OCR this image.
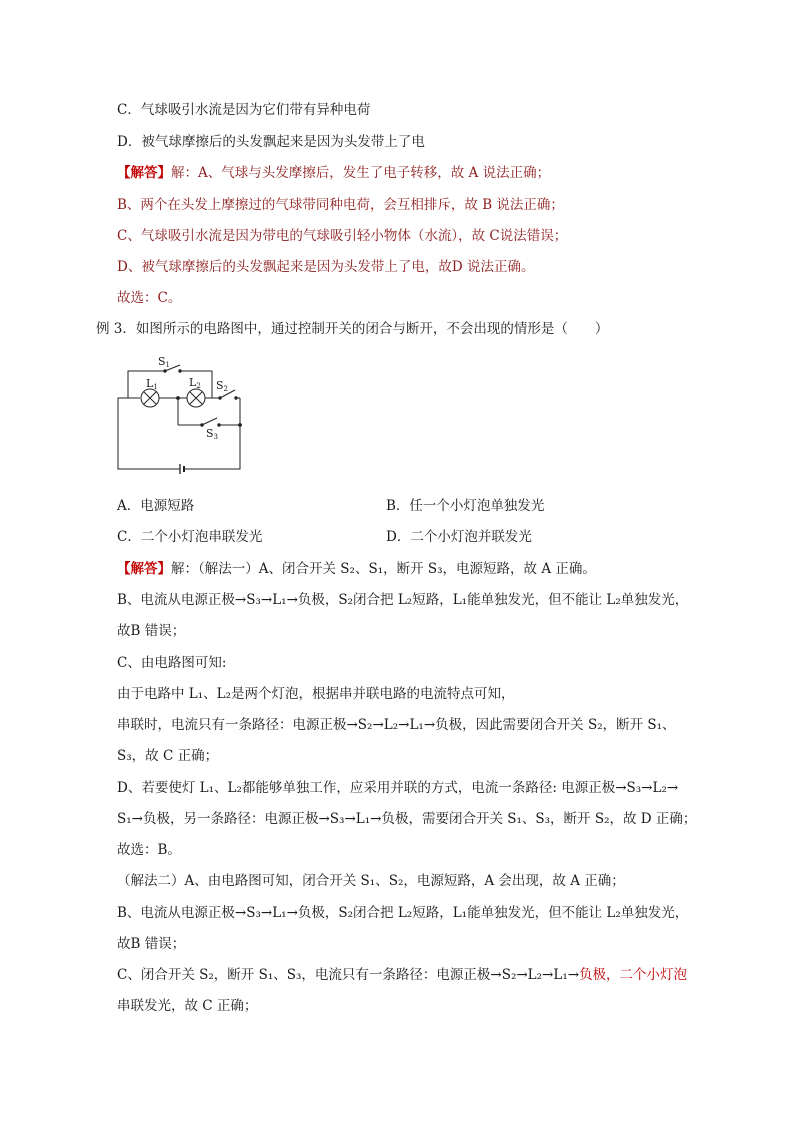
C．气球吸引水流是因为它们带有异种电荷

D．被气球摩擦后的头发飘起来是因为头发带上了电

【解答】解：A、气球与头发摩擦后，发生了电子转移，故 A 说法正确；

B、两个在头发上摩擦过的气球带同种电荷，会互相排斥，故 B 说法正确；

C、气球吸引水流是因为带电的气球吸引轻小物体（水流），故 C说法错误；

D、被气球摩擦后的头发飘起来是因为头发带上了电，故D 说法正确。

故选：C。

例 3．如图所示的电路图中，通过控制开关的闭合与断开，不会出现的情形是（　　）

S1
L1	L2 S2
S3
A．电源短路	B．任一个小灯泡单独发光
C．二个小灯泡串联发光	D．二个小灯泡并联发光

【解答】解：（解法一）A、闭合开关 S₂、S₁，断开 S₃，电源短路，故 A 正确。

B、电流从电源正极→S₃→L₁→负极，S₂闭合把 L₂短路，L₁能单独发光，但不能让 L₂单独发光，

故B 错误；

C、由电路图可知:

由于电路中 L₁、L₂是两个灯泡，根据串并联电路的电流特点可知，

串联时，电流只有一条路径：电源正极→S₂→L₂→L₁→负极，因此需要闭合开关 S₂，断开 S₁、

S₃，故 C 正确；

D、若要使灯 L₁、L₂都能够单独工作，应采用并联的方式，电流一条路径: 电源正极→S₃→L₂→

S₁→负极，另一条路径：电源正极→S₃→L₁→负极，需要闭合开关 S₁、S₃，断开 S₂，故 D 正确；

故选：B。

（解法二）A、由电路图可知，闭合开关 S₁、S₂，电源短路，A 会出现，故 A 正确；

B、电流从电源正极→S₃→L₁→负极，S₂闭合把 L₂短路，L₁能单独发光，但不能让 L₂单独发光，

故B 错误；

C、闭合开关 S₂，断开 S₁、S₃，电流只有一条路径：电源正极→S₂→L₂→L₁→负极，二个小灯泡

串联发光，故 C 正确；
